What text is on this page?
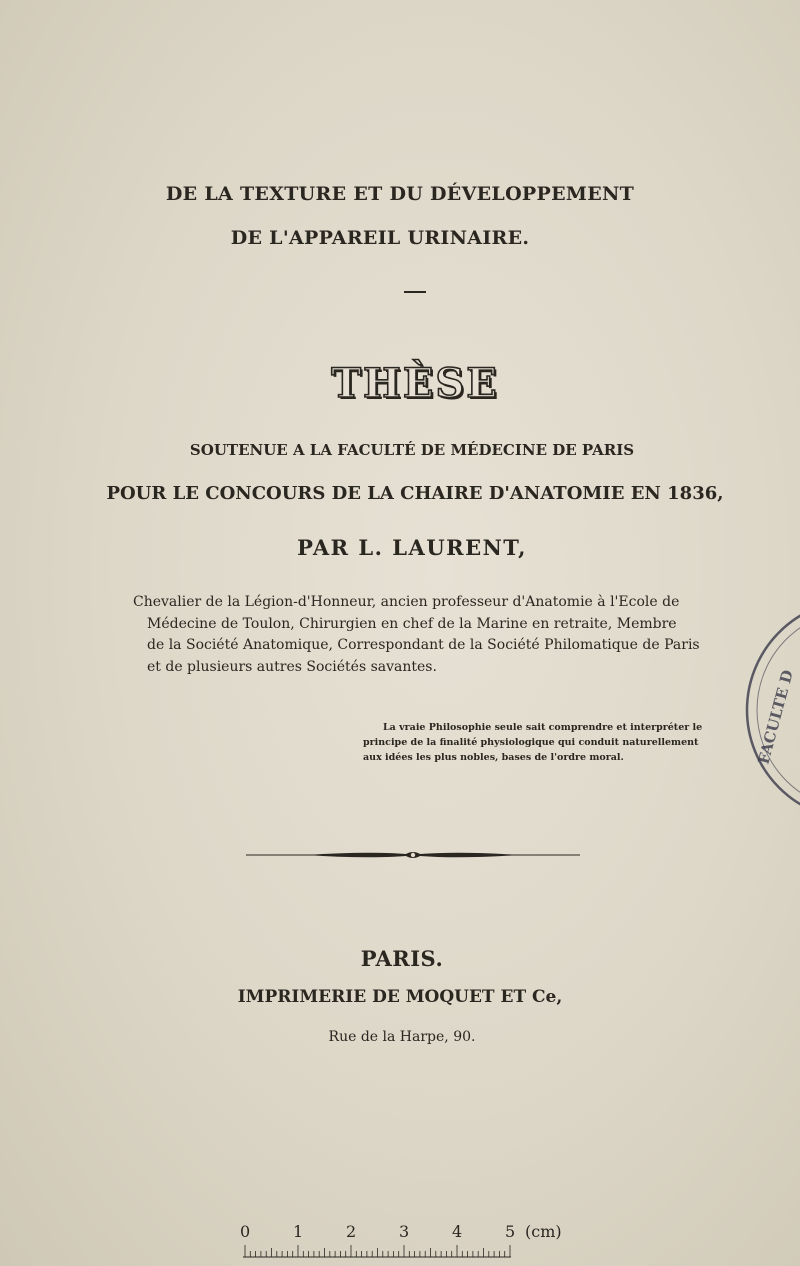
DE LA TEXTURE ET DU DÉVELOPPEMENT
DE L'APPAREIL URINAIRE.
THÈSE
SOUTENUE A LA FACULTÉ DE MÉDECINE DE PARIS
POUR LE CONCOURS DE LA CHAIRE D'ANATOMIE EN 1836,
PAR L. LAURENT,
Chevalier de la Légion-d'Honneur, ancien professeur d'Anatomie à l'Ecole de
Médecine de Toulon, Chirurgien en chef de la Marine en retraite, Membre
de la Société Anatomique, Correspondant de la Société Philomatique de Paris
et de plusieurs autres Sociétés savantes.
La vraie Philosophie seule sait comprendre et interpréter le
principe de la finalité physiologique qui conduit naturellement
aux idées les plus nobles, bases de l'ordre moral.
PARIS.
IMPRIMERIE DE MOQUET ET Ce,
Rue de la Harpe, 90.
FACULTE D
0	1	2	3	4	5 (cm)
